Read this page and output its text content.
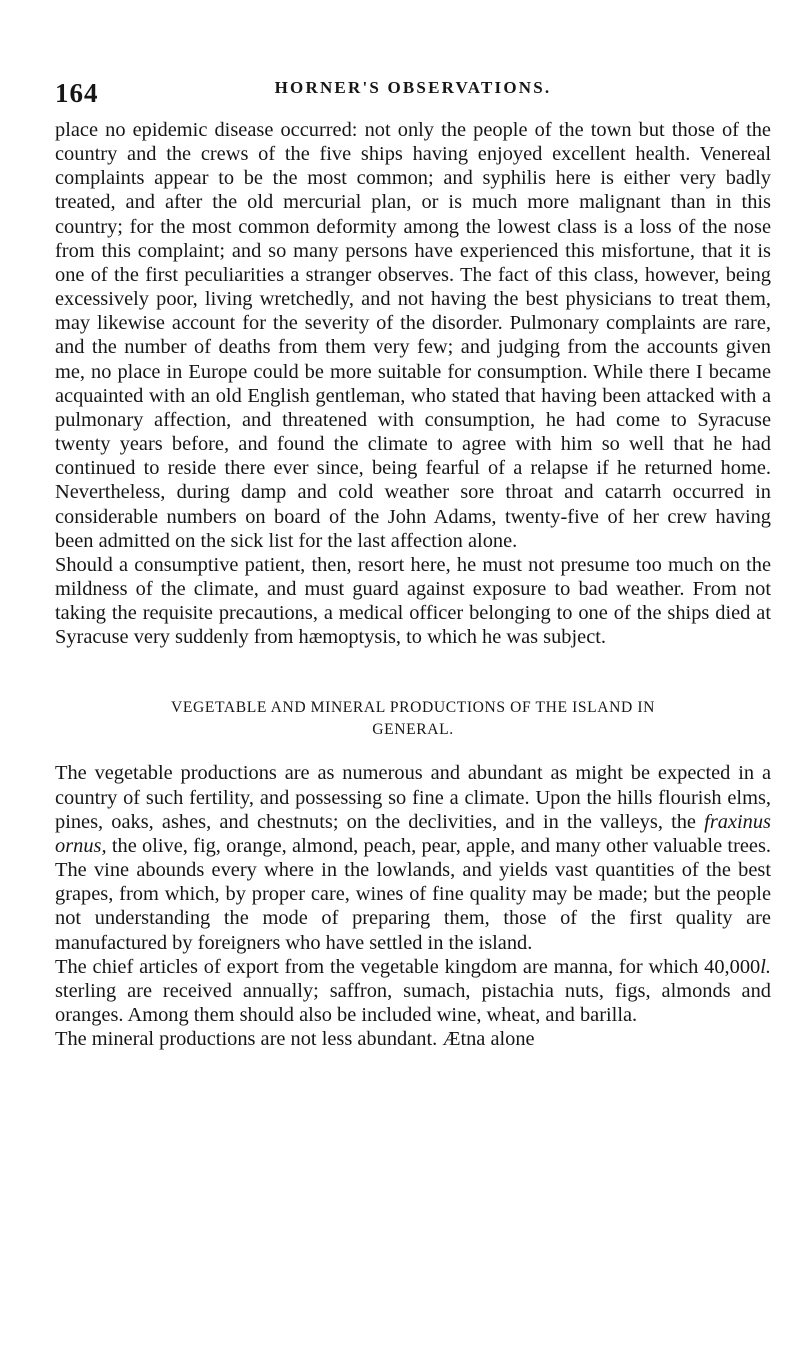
164	HORNER'S OBSERVATIONS.

place no epidemic disease occurred: not only the people of the town but those of the country and the crews of the five ships having enjoyed excellent health. Venereal complaints appear to be the most common; and syphilis here is either very badly treated, and after the old mercurial plan, or is much more malignant than in this country; for the most common deformity among the lowest class is a loss of the nose from this complaint; and so many persons have experienced this misfortune, that it is one of the first peculiarities a stranger observes. The fact of this class, however, being excessively poor, living wretchedly, and not having the best physicians to treat them, may likewise account for the severity of the disorder. Pulmonary complaints are rare, and the number of deaths from them very few; and judging from the accounts given me, no place in Europe could be more suitable for consumption. While there I became acquainted with an old English gentleman, who stated that having been attacked with a pulmonary affection, and threatened with consumption, he had come to Syracuse twenty years before, and found the climate to agree with him so well that he had continued to reside there ever since, being fearful of a relapse if he returned home. Nevertheless, during damp and cold weather sore throat and catarrh occurred in considerable numbers on board of the John Adams, twenty-five of her crew having been admitted on the sick list for the last affection alone.

Should a consumptive patient, then, resort here, he must not presume too much on the mildness of the climate, and must guard against exposure to bad weather. From not taking the requisite precautions, a medical officer belonging to one of the ships died at Syracuse very suddenly from hæmoptysis, to which he was subject.

VEGETABLE AND MINERAL PRODUCTIONS OF THE ISLAND IN
GENERAL.

The vegetable productions are as numerous and abundant as might be expected in a country of such fertility, and possessing so fine a climate. Upon the hills flourish elms, pines, oaks, ashes, and chestnuts; on the declivities, and in the valleys, the fraxinus ornus, the olive, fig, orange, almond, peach, pear, apple, and many other valuable trees. The vine abounds every where in the lowlands, and yields vast quantities of the best grapes, from which, by proper care, wines of fine quality may be made; but the people not understanding the mode of preparing them, those of the first quality are manufactured by foreigners who have settled in the island.

The chief articles of export from the vegetable kingdom are manna, for which 40,000l. sterling are received annually; saffron, sumach, pistachia nuts, figs, almonds and oranges. Among them should also be included wine, wheat, and barilla.

The mineral productions are not less abundant. Ætna alone
